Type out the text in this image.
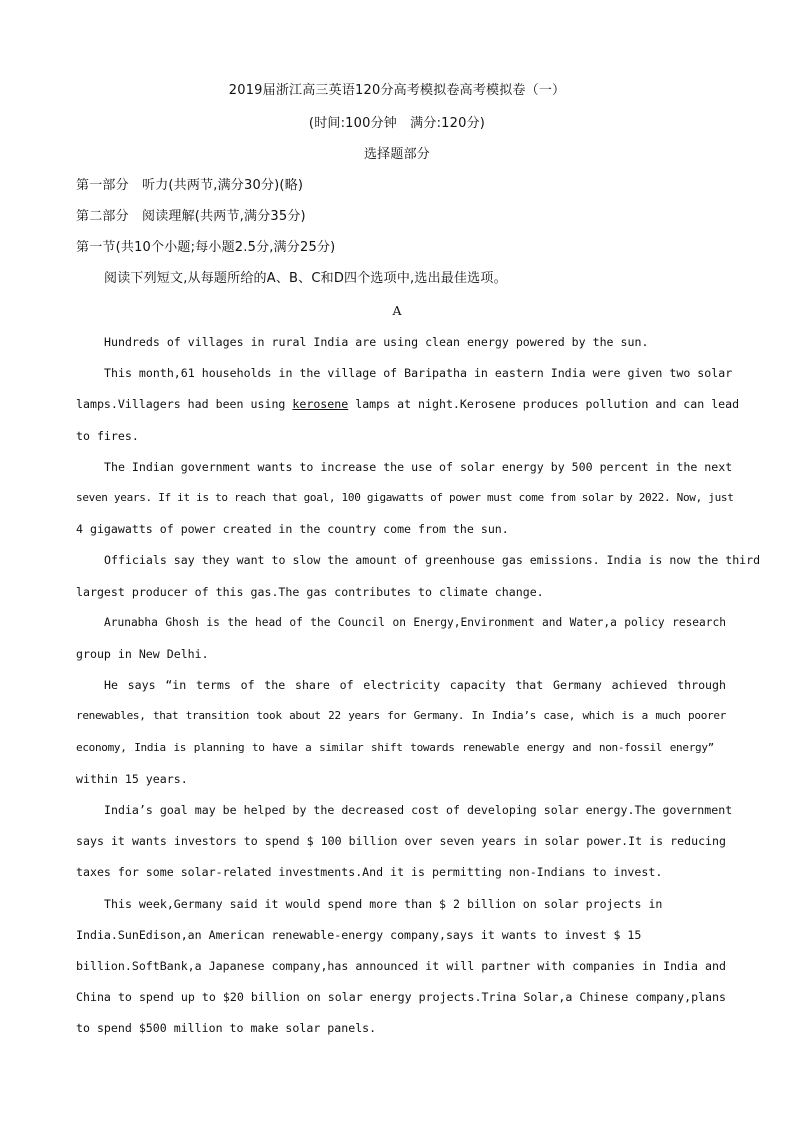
2019届浙江高三英语120分高考模拟卷高考模拟卷（一）
(时间:100分钟　满分:120分)
选择题部分
第一部分　听力(共两节,满分30分)(略)
第二部分　阅读理解(共两节,满分35分)
第一节(共10个小题;每小题2.5分,满分25分)
阅读下列短文,从每题所给的A、B、C和D四个选项中,选出最佳选项。
A
Hundreds of villages in rural India are using clean energy powered by the sun.
This month,61 households in the village of Baripatha in eastern India were given two solar
lamps.Villagers had been using kerosene lamps at night.Kerosene produces pollution and can lead
to fires.
The Indian government wants to increase the use of solar energy by 500 percent in the next
seven years. If it is to reach that goal, 100 gigawatts of power must come from solar by 2022. Now, just
4 gigawatts of power created in the country come from the sun.
Officials say they want to slow the amount of greenhouse gas emissions. India is now the third
largest producer of this gas.The gas contributes to climate change.
Arunabha Ghosh is the head of the Council on Energy,Environment and Water,a policy research
group in New Delhi.
He says “in terms of the share of electricity capacity that Germany achieved through
renewables, that transition took about 22 years for Germany. In India’s case, which is a much poorer
economy, India is planning to have a similar shift towards renewable energy and non-fossil energy”
within 15 years.
India’s goal may be helped by the decreased cost of developing solar energy.The government
says it wants investors to spend $ 100 billion over seven years in solar power.It is reducing
taxes for some solar-related investments.And it is permitting non-Indians to invest.
This week,Germany said it would spend more than $ 2 billion on solar projects in
India.SunEdison,an American renewable-energy company,says it wants to invest $ 15
billion.SoftBank,a Japanese company,has announced it will partner with companies in India and
China to spend up to $20 billion on solar energy projects.Trina Solar,a Chinese company,plans
to spend $500 million to make solar panels.
